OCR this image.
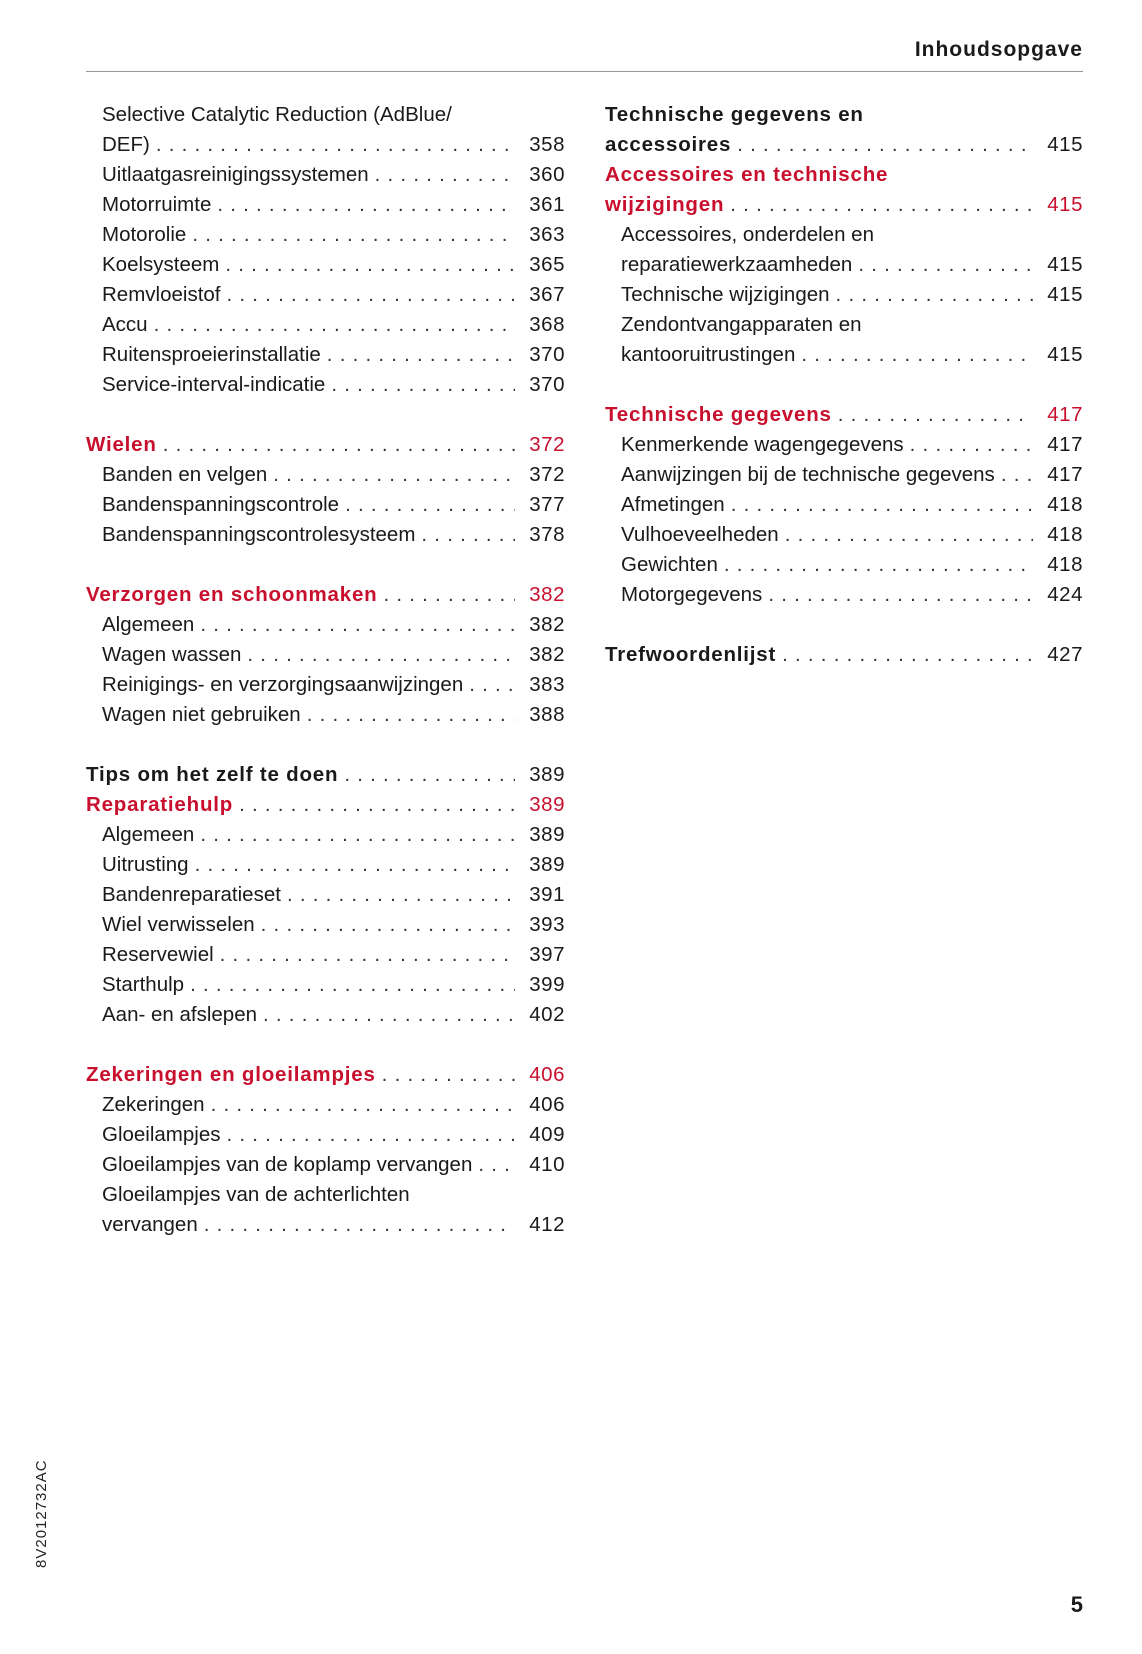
Inhoudsopgave
Selective Catalytic Reduction (AdBlue/
DEF) . . .	358
Uitlaatgasreinigingssystemen . . .	360
Motorruimte . . .	361
Motorolie . . .	363
Koelsysteem . . .	365
Remvloeistof . . .	367
Accu . . .	368
Ruitensproeierinstallatie . . .	370
Service-interval-indicatie . . .	370
Wielen . . .	372
Banden en velgen . . .	372
Bandenspanningscontrole . . .	377
Bandenspanningscontrolesysteem . . .	378
Verzorgen en schoonmaken . . .	382
Algemeen . . .	382
Wagen wassen . . .	382
Reinigings- en verzorgingsaanwijzingen . . .	383
Wagen niet gebruiken . . .	388
Tips om het zelf te doen . . .	389
Reparatiehulp . . .	389
Algemeen . . .	389
Uitrusting . . .	389
Bandenreparatieset . . .	391
Wiel verwisselen . . .	393
Reservewiel . . .	397
Starthulp . . .	399
Aan- en afslepen . . .	402
Zekeringen en gloeilampjes . . .	406
Zekeringen . . .	406
Gloeilampjes . . .	409
Gloeilampjes van de koplamp vervangen . . .	410
Gloeilampjes van de achterlichten
vervangen . . .	412
Technische gegevens en
accessoires . . .	415
Accessoires en technische
wijzigingen . . .	415
Accessoires, onderdelen en
reparatiewerkzaamheden . . .	415
Technische wijzigingen . . .	415
Zendontvangapparaten en
kantooruitrustingen . . .	415
Technische gegevens . . .	417
Kenmerkende wagengegevens . . .	417
Aanwijzingen bij de technische gegevens . . .	417
Afmetingen . . .	418
Vulhoeveelheden . . .	418
Gewichten . . .	418
Motorgegevens . . .	424
Trefwoordenlijst . . .	427
8V2012732AC
5
